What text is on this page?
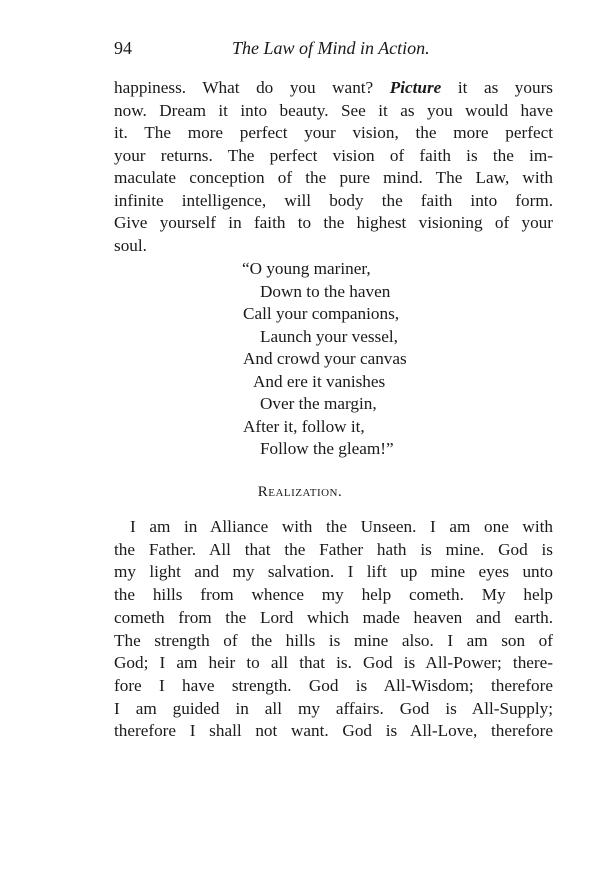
94	The Law of Mind in Action.
happiness. What do you want? Picture it as yours
now. Dream it into beauty. See it as you would have
it. The more perfect your vision, the more perfect
your returns. The perfect vision of faith is the im-
maculate conception of the pure mind. The Law, with
infinite intelligence, will body the faith into form.
Give yourself in faith to the highest visioning of your
soul.
“O young mariner,
Down to the haven
Call your companions,
Launch your vessel,
And crowd your canvas
And ere it vanishes
Over the margin,
After it, follow it,
Follow the gleam!”
Realization.
I am in Alliance with the Unseen. I am one with
the Father. All that the Father hath is mine. God is
my light and my salvation. I lift up mine eyes unto
the hills from whence my help cometh. My help
cometh from the Lord which made heaven and earth.
The strength of the hills is mine also. I am son of
God; I am heir to all that is. God is All-Power; there-
fore I have strength. God is All-Wisdom; therefore
I am guided in all my affairs. God is All-Supply;
therefore I shall not want. God is All-Love, therefore
